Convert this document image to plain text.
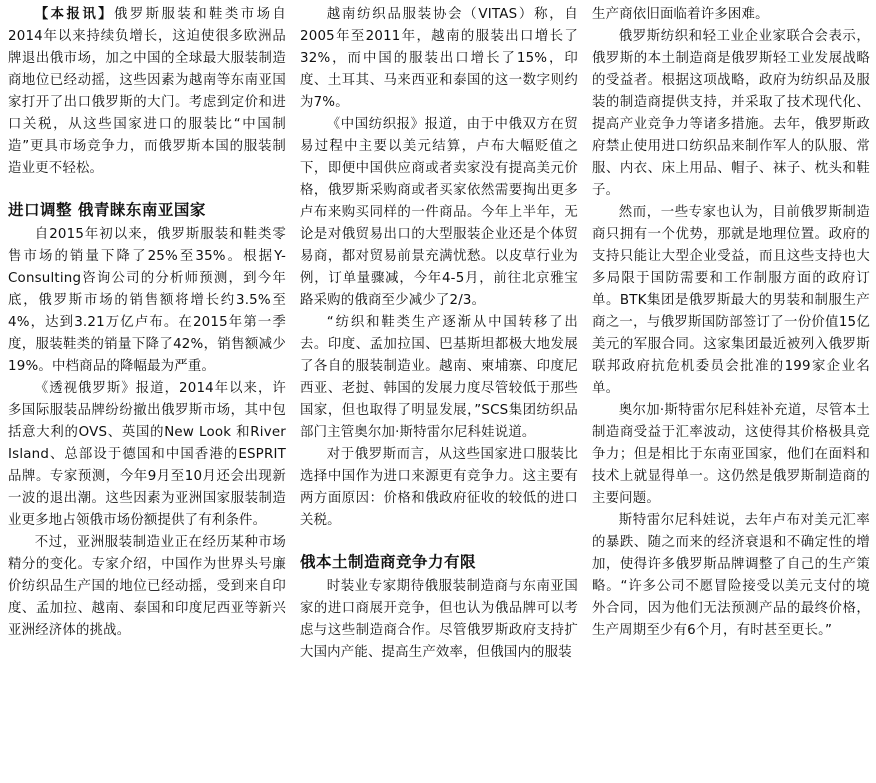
【本报讯】俄罗斯服装和鞋类市场自2014年以来持续负增长，这迫使很多欧洲品牌退出俄市场，加之中国的全球最大服装制造商地位已经动摇，这些因素为越南等东南亚国家打开了出口俄罗斯的大门。考虑到定价和进口关税，从这些国家进口的服装比“中国制造”更具市场竞争力，而俄罗斯本国的服装制造业更不轻松。

进口调整 俄青睐东南亚国家

自2015年初以来，俄罗斯服装和鞋类零售市场的销量下降了25%至35%。根据Y-Consulting咨询公司的分析师预测，到今年底，俄罗斯市场的销售额将增长约3.5%至4%，达到3.21万亿卢布。在2015年第一季度，服装鞋类的销量下降了42%，销售额减少19%。中档商品的降幅最为严重。

《透视俄罗斯》报道，2014年以来，许多国际服装品牌纷纷撤出俄罗斯市场，其中包括意大利的OVS、英国的New Look 和River Island、总部设于德国和中国香港的ESPRIT品牌。专家预测，今年9月至10月还会出现新一波的退出潮。这些因素为亚洲国家服装制造业更多地占领俄市场份额提供了有利条件。

不过，亚洲服装制造业正在经历某种市场精分的变化。专家介绍，中国作为世界头号廉价纺织品生产国的地位已经动摇，受到来自印度、孟加拉、越南、泰国和印度尼西亚等新兴亚洲经济体的挑战。

越南纺织品服装协会（VITAS）称，自2005年至2011年，越南的服装出口增长了32%，而中国的服装出口增长了15%，印度、土耳其、马来西亚和泰国的这一数字则约为7%。

《中国纺织报》报道，由于中俄双方在贸易过程中主要以美元结算，卢布大幅贬值之下，即便中国供应商或者卖家没有提高美元价格，俄罗斯采购商或者买家依然需要掏出更多卢布来购买同样的一件商品。今年上半年，无论是对俄贸易出口的大型服装企业还是个体贸易商，都对贸易前景充满忧愁。以皮草行业为例，订单量骤减，今年4-5月，前往北京雅宝路采购的俄商至少减少了2/3。

“纺织和鞋类生产逐渐从中国转移了出去。印度、孟加拉国、巴基斯坦都极大地发展了各自的服装制造业。越南、柬埔寨、印度尼西亚、老挝、韩国的发展力度尽管较低于那些国家，但也取得了明显发展，”SCS集团纺织品部门主管奥尔加·斯特雷尔尼科娃说道。

对于俄罗斯而言，从这些国家进口服装比选择中国作为进口来源更有竞争力。这主要有两方面原因：价格和俄政府征收的较低的进口关税。

俄本土制造商竞争力有限

时装业专家期待俄服装制造商与东南亚国家的进口商展开竞争，但也认为俄品牌可以考虑与这些制造商合作。尽管俄罗斯政府支持扩大国内产能、提高生产效率，但俄国内的服装

生产商依旧面临着许多困难。

俄罗斯纺织和轻工业企业家联合会表示，俄罗斯的本土制造商是俄罗斯轻工业发展战略的受益者。根据这项战略，政府为纺织品及服装的制造商提供支持，并采取了技术现代化、提高产业竞争力等诸多措施。去年，俄罗斯政府禁止使用进口纺织品来制作军人的队服、常服、内衣、床上用品、帽子、袜子、枕头和鞋子。

然而，一些专家也认为，目前俄罗斯制造商只拥有一个优势，那就是地理位置。政府的支持只能让大型企业受益，而且这些支持也大多局限于国防需要和工作制服方面的政府订单。BTK集团是俄罗斯最大的男装和制服生产商之一，与俄罗斯国防部签订了一份价值15亿美元的军服合同。这家集团最近被列入俄罗斯联邦政府抗危机委员会批准的199家企业名单。

奥尔加·斯特雷尔尼科娃补充道，尽管本土制造商受益于汇率波动，这使得其价格极具竞争力；但是相比于东南亚国家，他们在面料和技术上就显得单一。这仍然是俄罗斯制造商的主要问题。

斯特雷尔尼科娃说，去年卢布对美元汇率的暴跌、随之而来的经济衰退和不确定性的增加，使得许多俄罗斯品牌调整了自己的生产策略。“许多公司不愿冒险接受以美元支付的境外合同，因为他们无法预测产品的最终价格，生产周期至少有6个月，有时甚至更长。”
